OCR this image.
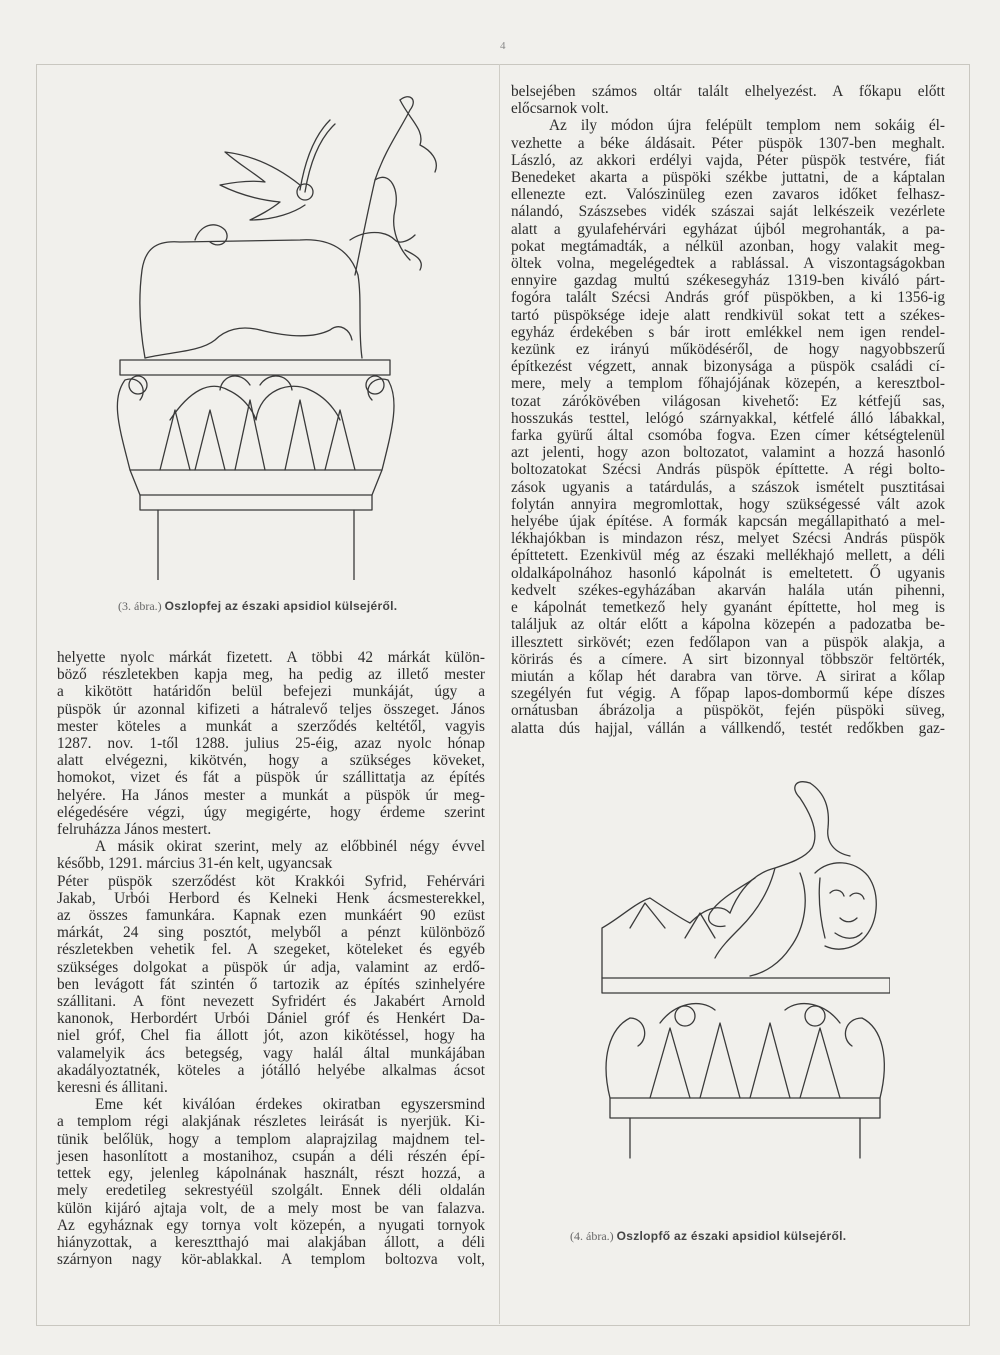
4
(3. ábra.) Oszlopfej az északi apsidiol külsejéről.
(4. ábra.) Oszlopfő az északi apsidiol külsejéről.

helyette nyolc márkát fizetett. A többi 42 márkát külön-

böző részletekben kapja meg, ha pedig az illető mester

a kikötött határidőn belül befejezi munkáját, úgy a

püspök úr azonnal kifizeti a hátralevő teljes összeget. János

mester köteles a munkát a szerződés keltétől, vagyis

1287. nov. 1-től 1288. julius 25-éig, azaz nyolc hónap

alatt elvégezni, kikötvén, hogy a szükséges köveket,

homokot, vizet és fát a püspök úr szállittatja az építés

helyére. Ha János mester a munkát a püspök úr meg-

elégedésére végzi, úgy megigérte, hogy érdeme szerint

felruházza János mestert.

A másik okirat szerint, mely az előbbinél négy évvel

később, 1291. március 31-én kelt, ugyancsak

Péter püspök szerződést köt Krakkói Syfrid, Fehérvári

Jakab, Urbói Herbord és Kelneki Henk ácsmesterekkel,

az összes famunkára. Kapnak ezen munkáért 90 ezüst

márkát, 24 sing posztót, melyből a pénzt különböző

részletekben vehetik fel. A szegeket, köteleket és egyéb

szükséges dolgokat a püspök úr adja, valamint az erdő-

ben levágott fát szintén ő tartozik az építés szinhelyére

szállitani. A fönt nevezett Syfridért és Jakabért Arnold

kanonok, Herbordért Urbói Dániel gróf és Henkért Da-

niel gróf, Chel fia állott jót, azon kikötéssel, hogy ha

valamelyik ács betegség, vagy halál által munkájában

akadályoztatnék, köteles a jótálló helyébe alkalmas ácsot

keresni és állitani.

Eme két kiválóan érdekes okiratban egyszersmind

a templom régi alakjának részletes leirását is nyerjük. Ki-

tünik belőlük, hogy a templom alaprajzilag majdnem tel-

jesen hasonlított a mostanihoz, csupán a déli részén épí-

tettek egy, jelenleg kápolnának használt, részt hozzá, a

mely eredetileg sekrestyéül szolgált. Ennek déli oldalán

külön kijáró ajtaja volt, de a mely most be van falazva.

Az egyháznak egy tornya volt közepén, a nyugati tornyok

hiányzottak, a keresztthajó mai alakjában állott, a déli

szárnyon nagy kör-ablakkal. A templom boltozva volt,

belsejében számos oltár talált elhelyezést. A főkapu előtt

előcsarnok volt.

Az ily módon újra felépült templom nem sokáig él-

vezhette a béke áldásait. Péter püspök 1307-ben meghalt.

László, az akkori erdélyi vajda, Péter püspök testvére, fiát

Benedeket akarta a püspöki székbe juttatni, de a káptalan

ellenezte ezt. Valószinüleg ezen zavaros időket felhasz-

nálandó, Szászsebes vidék szászai saját lelkészeik vezérlete

alatt a gyulafehérvári egyházat újból megrohanták, a pa-

pokat megtámadták, a nélkül azonban, hogy valakit meg-

öltek volna, megelégedtek a rablással. A viszontagságokban

ennyire gazdag multú székesegyház 1319-ben kiváló párt-

fogóra talált Szécsi András gróf püspökben, a ki 1356-ig

tartó püspöksége ideje alatt rendkivül sokat tett a székes-

egyház érdekében s bár irott emlékkel nem igen rendel-

kezünk ez irányú működéséről, de hogy nagyobbszerű

építkezést végzett, annak bizonysága a püspök családi cí-

mere, mely a templom főhajójának közepén, a keresztbol-

tozat zárókövében világosan kivehető: Ez kétfejű sas,

hosszukás testtel, lelógó szárnyakkal, kétfelé álló lábakkal,

farka gyürű által csomóba fogva. Ezen címer kétségtelenül

azt jelenti, hogy azon boltozatot, valamint a hozzá hasonló

boltozatokat Szécsi András püspök építtette. A régi bolto-

zások ugyanis a tatárdulás, a szászok ismételt pusztitásai

folytán annyira megromlottak, hogy szükségessé vált azok

helyébe újak építése. A formák kapcsán megállapitható a mel-

lékhajókban is mindazon rész, melyet Szécsi András püspök

építtetett. Ezenkivül még az északi mellékhajó mellett, a déli

oldalkápolnához hasonló kápolnát is emeltetett. Ő ugyanis

kedvelt székes-egyházában akarván halála után pihenni,

e kápolnát temetkező hely gyanánt építtette, hol meg is

találjuk az oltár előtt a kápolna közepén a padozatba be-

illesztett sirkövét; ezen fedőlapon van a püspök alakja, a

körirás és a címere. A sirt bizonnyal többször feltörték,

miután a kőlap hét darabra van törve. A sirirat a kőlap

szegélyén fut végig. A főpap lapos-dombormű képe díszes

ornátusban ábrázolja a püspököt, fején püspöki süveg,

alatta dús hajjal, vállán a vállkendő, testét redőkben gaz-
